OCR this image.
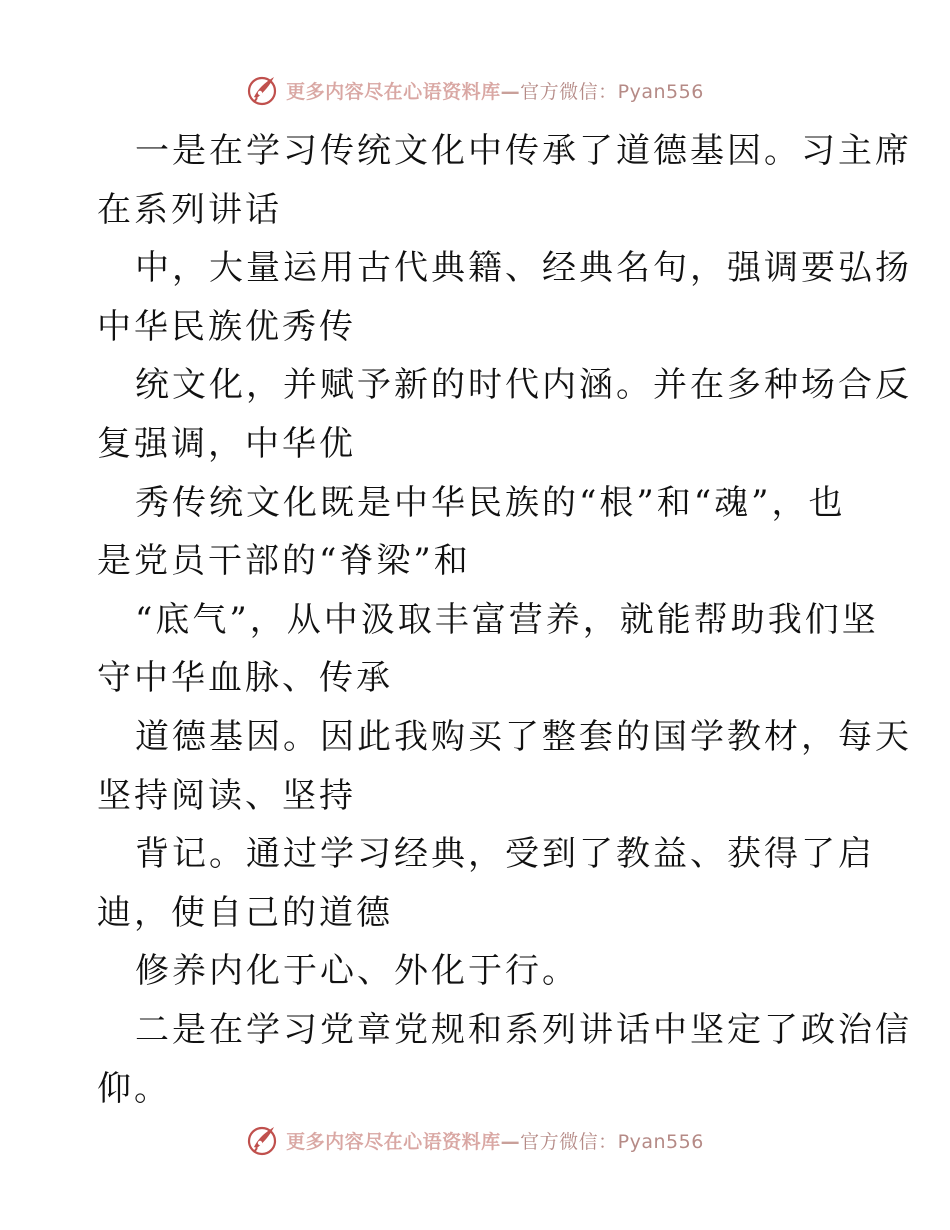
更多内容尽在心语资料库—官方微信：Pyan556
一是在学习传统文化中传承了道德基因。习主席
在系列讲话
中，大量运用古代典籍、经典名句，强调要弘扬
中华民族优秀传
统文化，并赋予新的时代内涵。并在多种场合反
复强调，中华优
秀传统文化既是中华民族的“根”和“魂”，也
是党员干部的“脊梁”和
“底气”，从中汲取丰富营养，就能帮助我们坚
守中华血脉、传承
道德基因。因此我购买了整套的国学教材，每天
坚持阅读、坚持
背记。通过学习经典，受到了教益、获得了启
迪，使自己的道德
修养内化于心、外化于行。
二是在学习党章党规和系列讲话中坚定了政治信
仰。
更多内容尽在心语资料库—官方微信：Pyan556
